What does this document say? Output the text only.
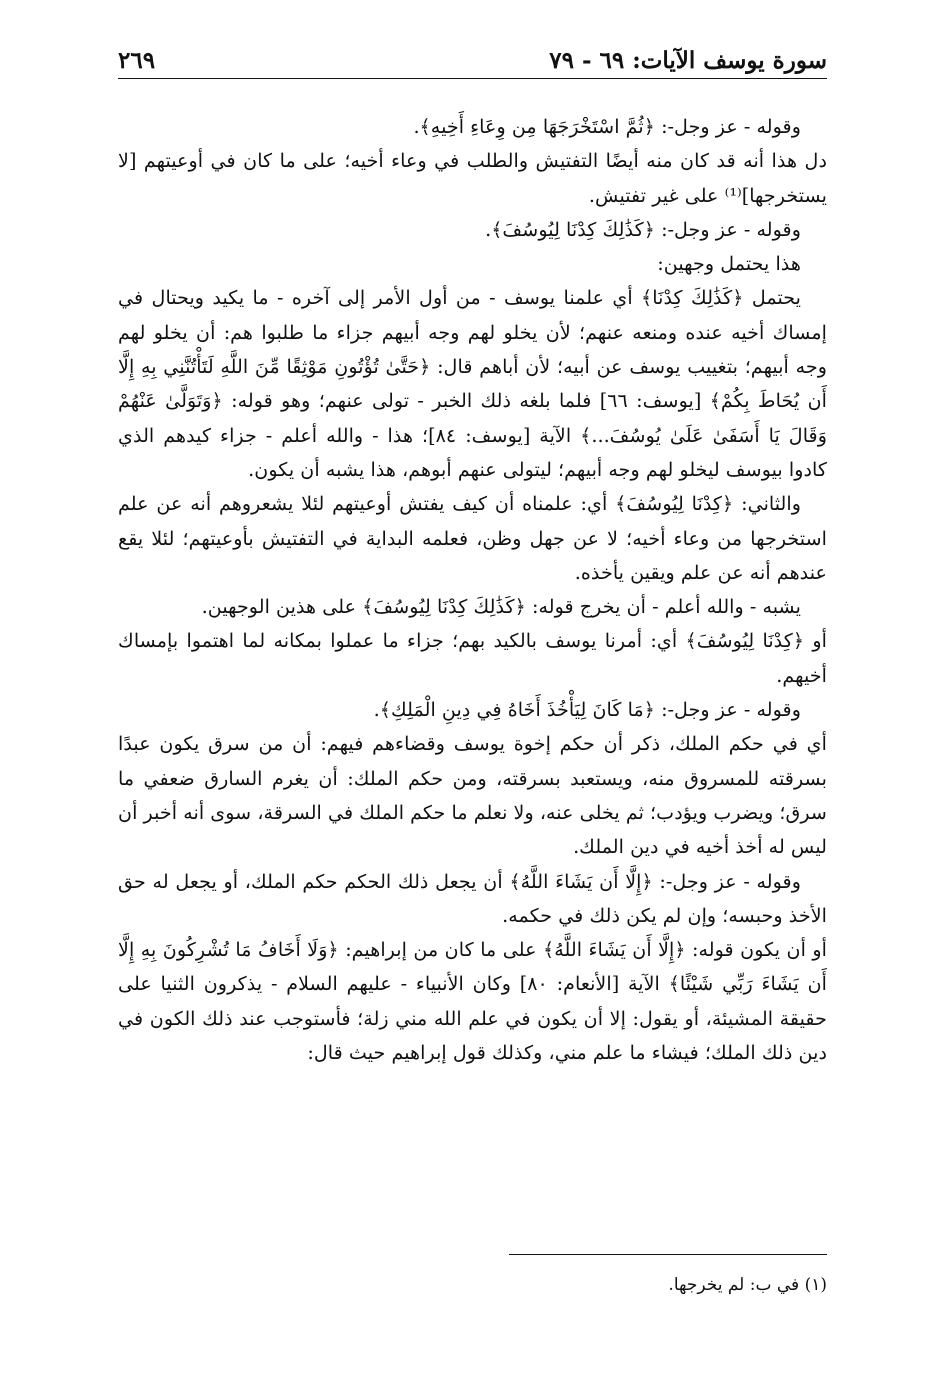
سورة يوسف الآيات: ٦٩ - ٧٩
٢٦٩

وقوله - عز وجل-: ﴿ثُمَّ اسْتَخْرَجَهَا مِن وِعَاءِ أَخِيهِ﴾.

دل هذا أنه قد كان منه أيضًا التفتيش والطلب في وعاء أخيه؛ على ما كان في أوعيتهم [لا يستخرجها]⁽¹⁾ على غير تفتيش.

وقوله - عز وجل-: ﴿كَذَٰلِكَ كِدْنَا لِيُوسُفَ﴾.

هذا يحتمل وجهين:

يحتمل ﴿كَذَٰلِكَ كِدْنَا﴾ أي علمنا يوسف - من أول الأمر إلى آخره - ما يكيد ويحتال في إمساك أخيه عنده ومنعه عنهم؛ لأن يخلو لهم وجه أبيهم جزاء ما طلبوا هم: أن يخلو لهم وجه أبيهم؛ بتغييب يوسف عن أبيه؛ لأن أباهم قال: ﴿حَتَّىٰ تُؤْتُونِ مَوْثِقًا مِّنَ اللَّهِ لَتَأْتُنَّنِي بِهِ إِلَّا أَن يُحَاطَ بِكُمْ﴾ [يوسف: ٦٦] فلما بلغه ذلك الخبر - تولى عنهم؛ وهو قوله: ﴿وَتَوَلَّىٰ عَنْهُمْ وَقَالَ يَا أَسَفَىٰ عَلَىٰ يُوسُفَ...﴾ الآية [يوسف: ٨٤]؛ هذا - والله أعلم - جزاء كيدهم الذي كادوا بيوسف ليخلو لهم وجه أبيهم؛ ليتولى عنهم أبوهم، هذا يشبه أن يكون.

والثاني: ﴿كِدْنَا لِيُوسُفَ﴾ أي: علمناه أن كيف يفتش أوعيتهم لئلا يشعروهم أنه عن علم استخرجها من وعاء أخيه؛ لا عن جهل وظن، فعلمه البداية في التفتيش بأوعيتهم؛ لئلا يقع عندهم أنه عن علم ويقين يأخذه.

يشبه - والله أعلم - أن يخرج قوله: ﴿كَذَٰلِكَ كِدْنَا لِيُوسُفَ﴾ على هذين الوجهين.

أو ﴿كِدْنَا لِيُوسُفَ﴾ أي: أمرنا يوسف بالكيد بهم؛ جزاء ما عملوا بمكانه لما اهتموا بإمساك أخيهم.

وقوله - عز وجل-: ﴿مَا كَانَ لِيَأْخُذَ أَخَاهُ فِي دِينِ الْمَلِكِ﴾.

أي في حكم الملك، ذكر أن حكم إخوة يوسف وقضاءهم فيهم: أن من سرق يكون عبدًا بسرقته للمسروق منه، ويستعبد بسرقته، ومن حكم الملك: أن يغرم السارق ضعفي ما سرق؛ ويضرب ويؤدب؛ ثم يخلى عنه، ولا نعلم ما حكم الملك في السرقة، سوى أنه أخبر أن ليس له أخذ أخيه في دين الملك.

وقوله - عز وجل-: ﴿إِلَّا أَن يَشَاءَ اللَّهُ﴾ أن يجعل ذلك الحكم حكم الملك، أو يجعل له حق الأخذ وحبسه؛ وإن لم يكن ذلك في حكمه.

أو أن يكون قوله: ﴿إِلَّا أَن يَشَاءَ اللَّهُ﴾ على ما كان من إبراهيم: ﴿وَلَا أَخَافُ مَا تُشْرِكُونَ بِهِ إِلَّا أَن يَشَاءَ رَبِّي شَيْئًا﴾ الآية [الأنعام: ٨٠] وكان الأنبياء - عليهم السلام - يذكرون الثنيا على حقيقة المشيئة، أو يقول: إلا أن يكون في علم الله مني زلة؛ فأستوجب عند ذلك الكون في دين ذلك الملك؛ فيشاء ما علم مني، وكذلك قول إبراهيم حيث قال:

(١) في ب: لم يخرجها.
